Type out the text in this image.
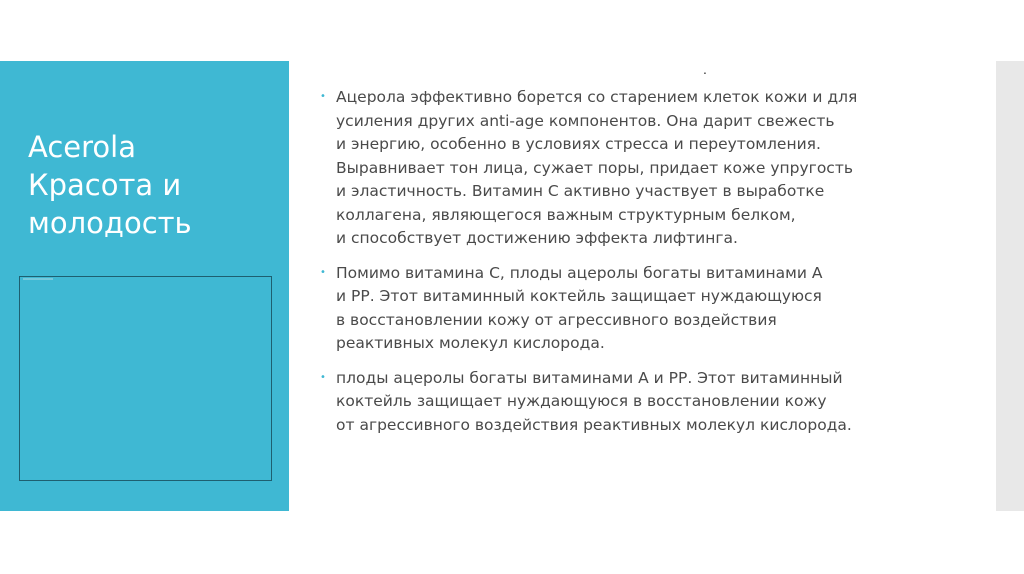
Acerola
Красота и
молодость
.
• Ацерола эффективно борется со старением клеток кожи и для
усиления других anti-age компонентов. Она дарит свежесть
и энергию, особенно в условиях стресса и переутомления.
Выравнивает тон лица, сужает поры, придает коже упругость
и эластичность. Витамин С активно участвует в выработке
коллагена, являющегося важным структурным белком,
и способствует достижению эффекта лифтинга.
• Помимо витамина С, плоды ацеролы богаты витаминами А
и РР. Этот витаминный коктейль защищает нуждающуюся
в восстановлении кожу от агрессивного воздействия
реактивных молекул кислорода.
• плоды ацеролы богаты витаминами А и РР. Этот витаминный
коктейль защищает нуждающуюся в восстановлении кожу
от агрессивного воздействия реактивных молекул кислорода.
